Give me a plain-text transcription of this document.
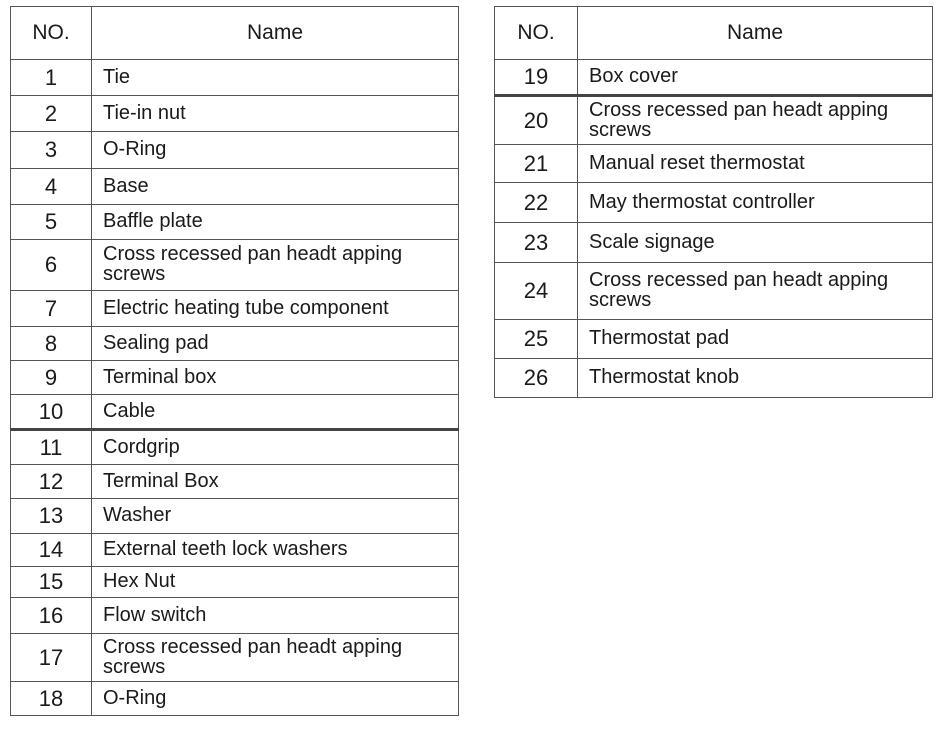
NO.	Name
1	Tie
2	Tie-in nut
3	O-Ring
4	Base
5	Baffle plate
6	Cross recessed pan headt apping screws
7	Electric heating tube component
8	Sealing pad
9	Terminal box
10	Cable
11	Cordgrip
12	Terminal Box
13	Washer
14	External teeth lock washers
15	Hex Nut
16	Flow switch
17	Cross recessed pan headt apping screws
18	O-Ring
NO.	Name
19	Box cover
20	Cross recessed pan headt apping screws
21	Manual reset thermostat
22	May thermostat controller
23	Scale signage
24	Cross recessed pan headt apping screws
25	Thermostat pad
26	Thermostat knob
